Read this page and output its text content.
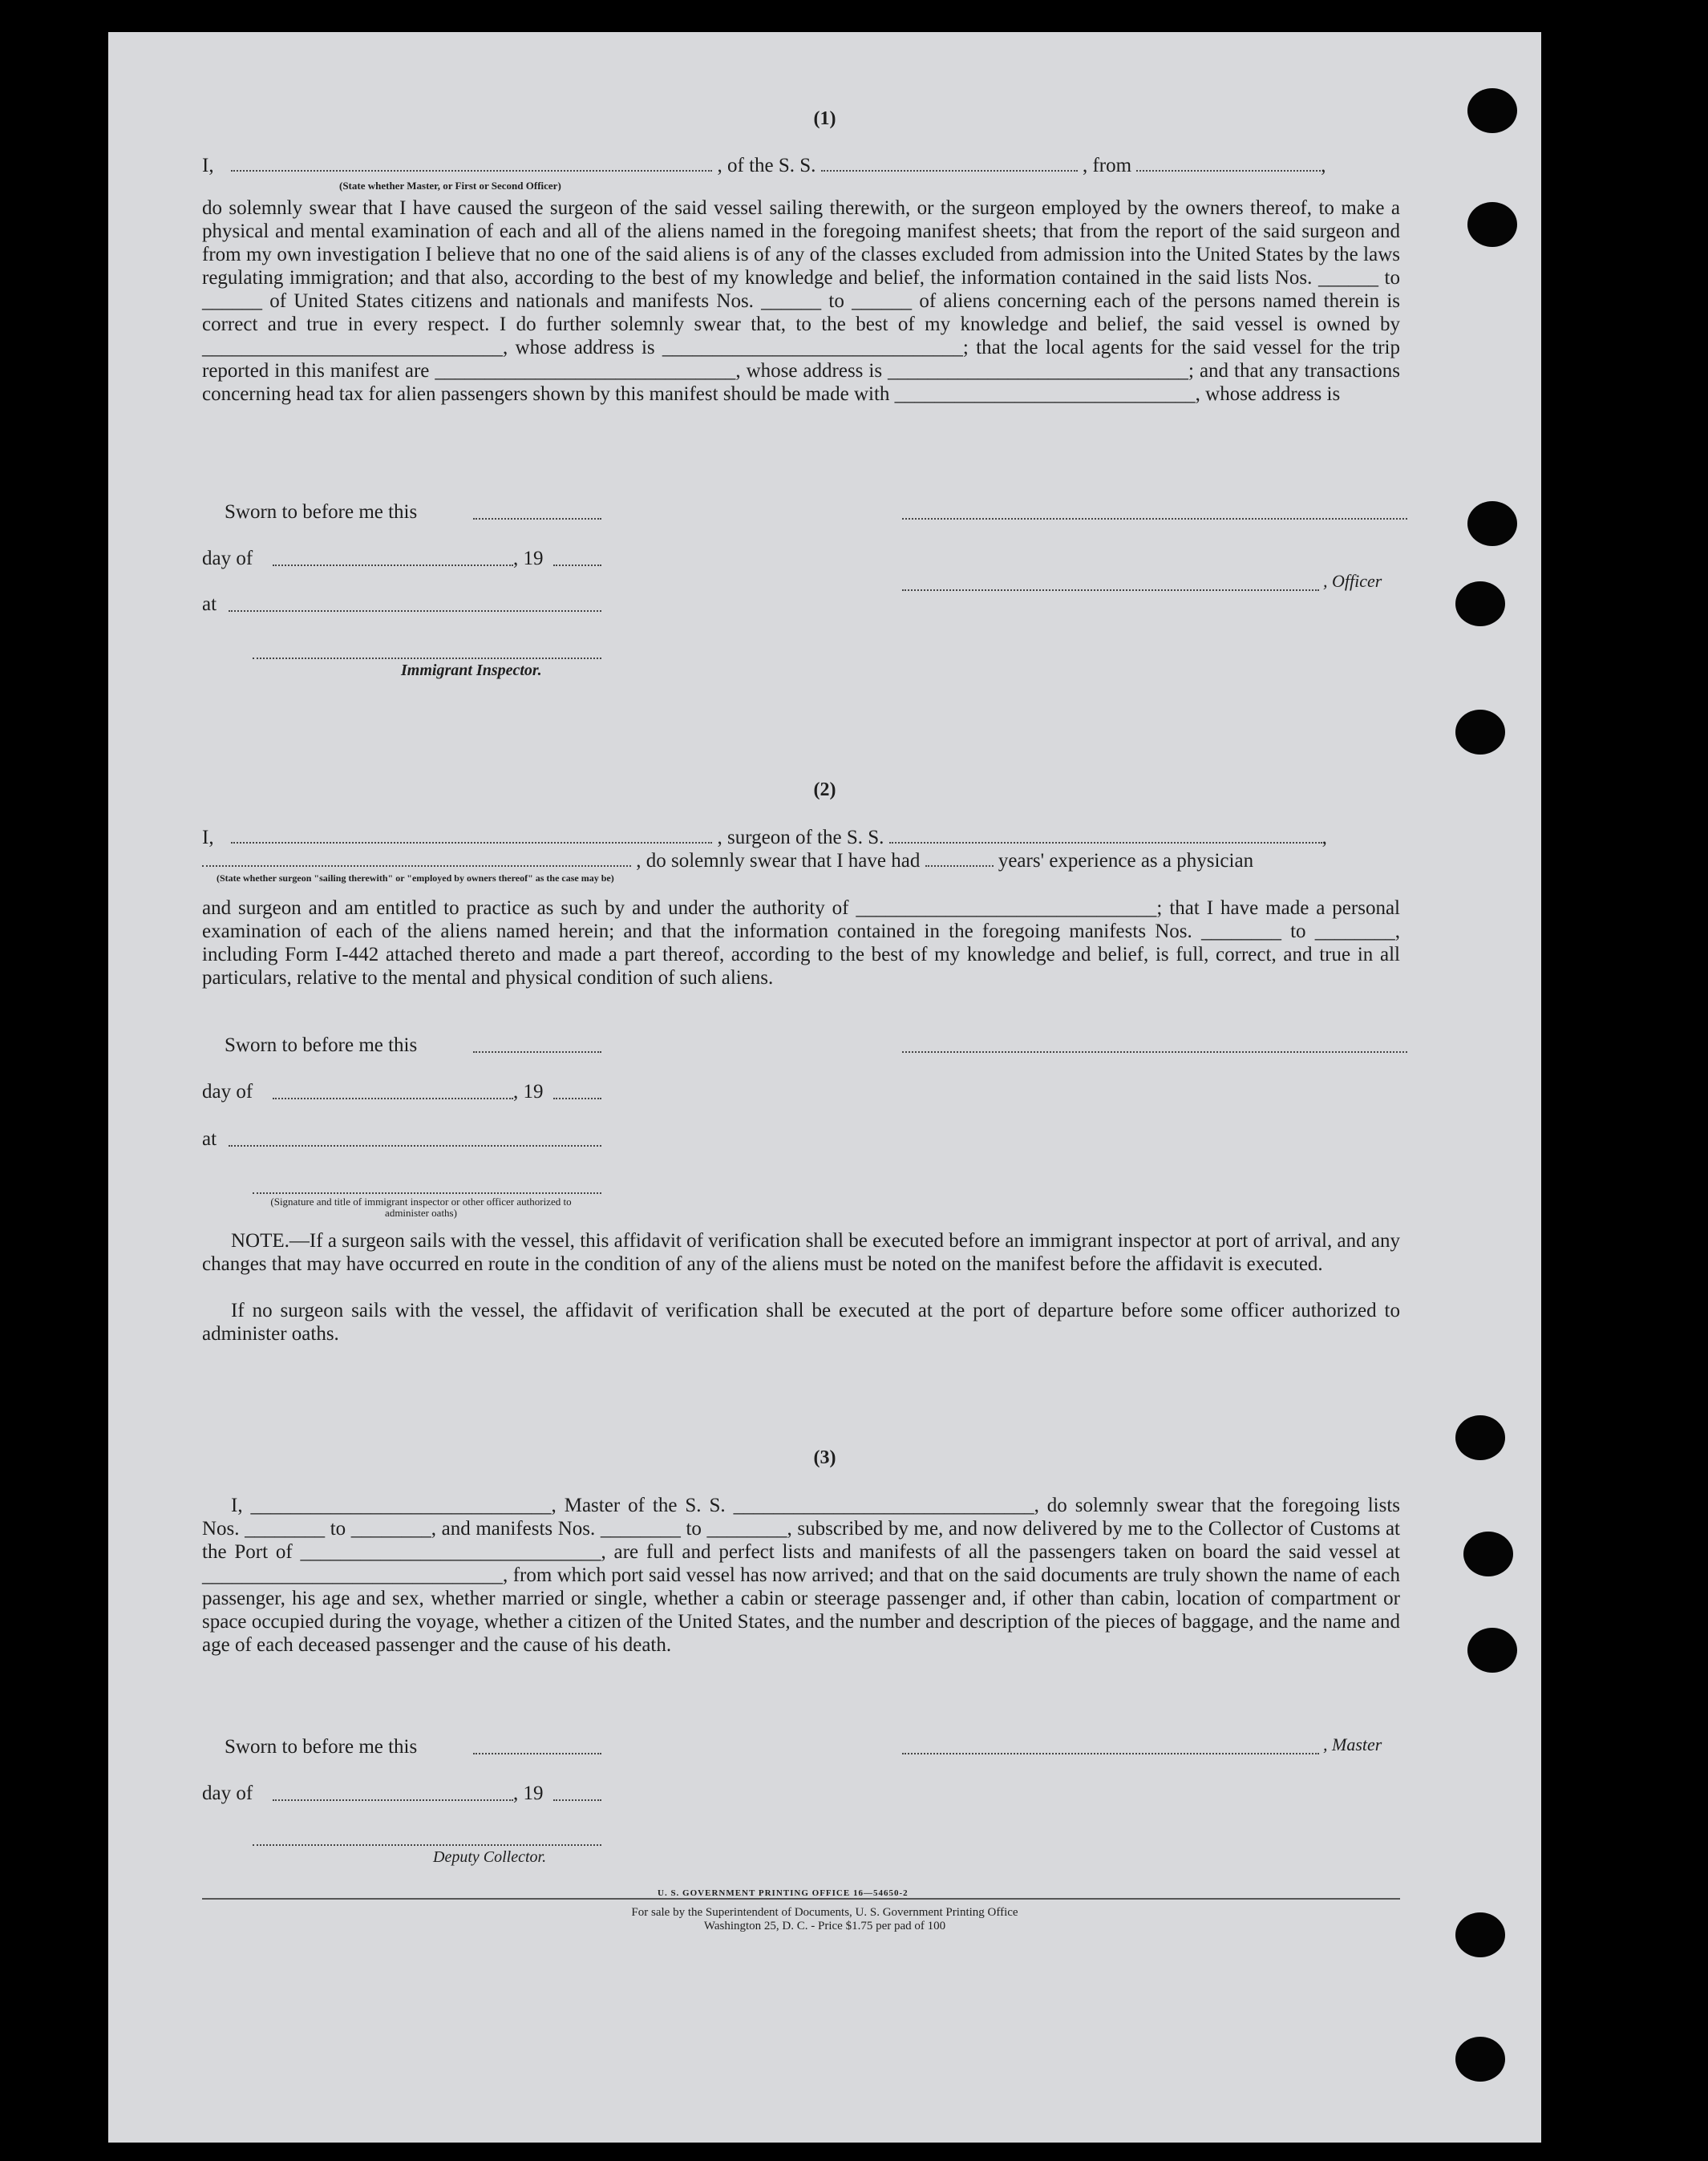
(1)
I,	, of the S. S.	, from	,
(State whether Master, or First or Second Officer)
do solemnly swear that I have caused the surgeon of the said vessel sailing therewith, or the surgeon employed by the owners thereof, to make a physical and mental examination of each and all of the aliens named in the foregoing manifest sheets; that from the report of the said surgeon and from my own investigation I believe that no one of the said aliens is of any of the classes excluded from admission into the United States by the laws regulating immigration; and that also, according to the best of my knowledge and belief, the information contained in the said lists Nos. ______ to ______ of United States citizens and nationals and manifests Nos. ______ to ______ of aliens concerning each of the persons named therein is correct and true in every respect. I do further solemnly swear that, to the best of my knowledge and belief, the said vessel is owned by ______________________________, whose address is ______________________________; that the local agents for the said vessel for the trip reported in this manifest are ______________________________, whose address is ______________________________; and that any transactions concerning head tax for alien passengers shown by this manifest should be made with ______________________________, whose address is
Sworn to before me this
day of	, 19
, Officer
at
Immigrant Inspector.
(2)
I,	, surgeon of the S. S.	,
, do solemnly swear that I have had	years' experience as a physician
(State whether surgeon "sailing therewith" or "employed by owners thereof" as the case may be)
and surgeon and am entitled to practice as such by and under the authority of ______________________________; that I have made a personal examination of each of the aliens named herein; and that the information contained in the foregoing manifests Nos. ________ to ________, including Form I-442 attached thereto and made a part thereof, according to the best of my knowledge and belief, is full, correct, and true in all particulars, relative to the mental and physical condition of such aliens.
Sworn to before me this
day of	, 19
at
(Signature and title of immigrant inspector or other officer authorized to administer oaths)
NOTE.—If a surgeon sails with the vessel, this affidavit of verification shall be executed before an immigrant inspector at port of arrival, and any changes that may have occurred en route in the condition of any of the aliens must be noted on the manifest before the affidavit is executed.
If no surgeon sails with the vessel, the affidavit of verification shall be executed at the port of departure before some officer authorized to administer oaths.
(3)
I, ______________________________, Master of the S. S. ______________________________, do solemnly swear that the foregoing lists Nos. ________ to ________, and manifests Nos. ________ to ________, subscribed by me, and now delivered by me to the Collector of Customs at the Port of ______________________________, are full and perfect lists and manifests of all the passengers taken on board the said vessel at ______________________________, from which port said vessel has now arrived; and that on the said documents are truly shown the name of each passenger, his age and sex, whether married or single, whether a cabin or steerage passenger and, if other than cabin, location of compartment or space occupied during the voyage, whether a citizen of the United States, and the number and description of the pieces of baggage, and the name and age of each deceased passenger and the cause of his death.
Sworn to before me this	, Master
day of	, 19
Deputy Collector.
U. S. GOVERNMENT PRINTING OFFICE 16—54650-2
For sale by the Superintendent of Documents, U. S. Government Printing Office
Washington 25, D. C. - Price $1.75 per pad of 100
